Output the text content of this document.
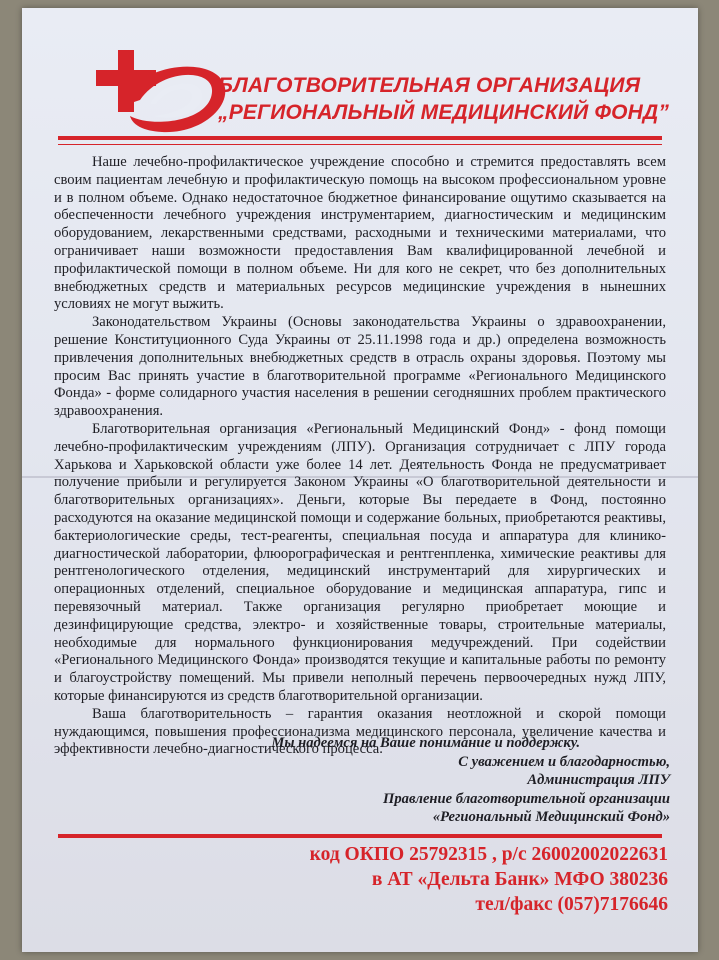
БЛАГОТВОРИТЕЛЬНАЯ ОРГАНИЗАЦИЯ
„РЕГИОНАЛЬНЫЙ МЕДИЦИНСКИЙ ФОНД”

Наше лечебно-профилактическое учреждение способно и стремится предоставлять всем своим пациентам лечебную и профилактическую помощь на высоком профессиональном уровне и в полном объеме. Однако недостаточное бюджетное финансирование ощутимо сказывается на обеспеченности лечебного учреждения инструментарием, диагностическим и медицинским оборудованием, лекарственными средствами, расходными и техническими материалами, что ограничивает наши возможности предоставления Вам квалифицированной лечебной и профилактической помощи в полном объеме. Ни для кого не секрет, что без дополнительных внебюджетных средств и материальных ресурсов медицинские учреждения в нынешних условиях не могут выжить.

Законодательством Украины (Основы законодательства Украины о здравоохранении, решение Конституционного Суда Украины от 25.11.1998 года и др.) определена возможность привлечения дополнительных внебюджетных средств в отрасль охраны здоровья. Поэтому мы просим Вас принять участие в благотворительной программе «Регионального Медицинского Фонда» - форме солидарного участия населения в решении сегодняшних проблем практического здравоохранения.

Благотворительная организация «Региональный Медицинский Фонд» - фонд помощи лечебно-профилактическим учреждениям (ЛПУ). Организация сотрудничает с ЛПУ города Харькова и Харьковской области уже более 14 лет. Деятельность Фонда не предусматривает получение прибыли и регулируется Законом Украины «О благотворительной деятельности и благотворительных организациях». Деньги, которые Вы передаете в Фонд, постоянно расходуются на оказание медицинской помощи и содержание больных, приобретаются реактивы, бактериологические среды, тест-реагенты, специальная посуда и аппаратура для клинико-диагностической лаборатории, флюорографическая и рентгенпленка, химические реактивы для рентгенологического отделения, медицинский инструментарий для хирургических и операционных отделений, специальное оборудование и медицинская аппаратура, гипс и перевязочный материал. Также организация регулярно приобретает моющие и дезинфицирующие средства, электро- и хозяйственные товары, строительные материалы, необходимые для нормального функционирования медучреждений. При содействии «Регионального Медицинского Фонда» производятся текущие и капитальные работы по ремонту и благоустройству помещений. Мы привели неполный перечень первоочередных нужд ЛПУ, которые финансируются из средств благотворительной организации.

Ваша благотворительность – гарантия оказания неотложной и скорой помощи нуждающимся, повышения профессионализма медицинского персонала, увеличение качества и эффективности лечебно-диагностического процесса.

Мы надеемся на Ваше понимание и поддержку.
С уважением и благодарностью,
Администрация ЛПУ
Правление благотворительной организации
«Региональный Медицинский Фонд»
код ОКПО 25792315 , р/с 26002002022631
в АТ «Дельта Банк» МФО 380236
тел/факс (057)7176646
